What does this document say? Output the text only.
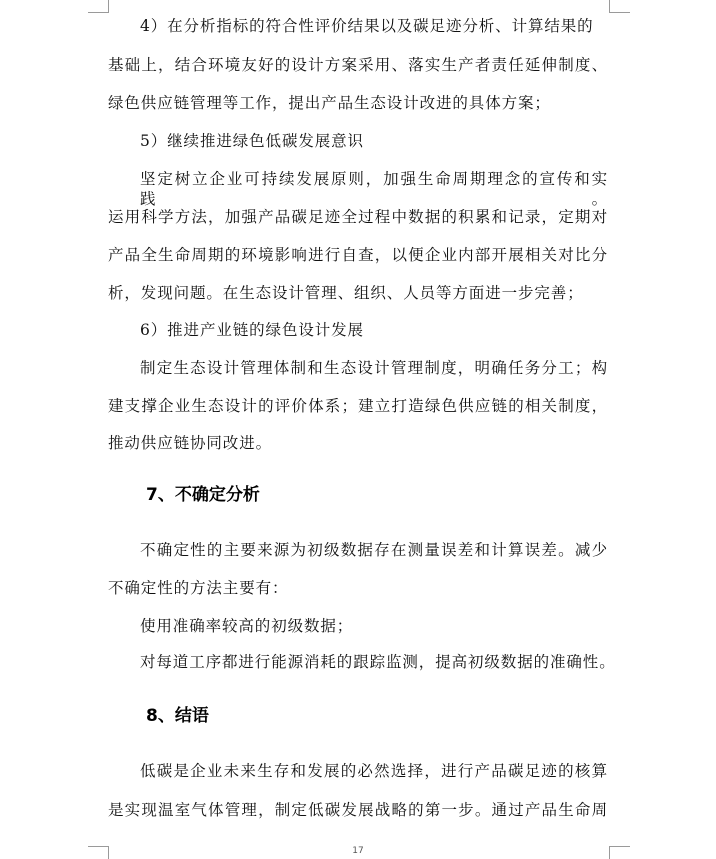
4）在分析指标的符合性评价结果以及碳足迹分析、计算结果的
基础上，结合环境友好的设计方案采用、落实生产者责任延伸制度、
绿色供应链管理等工作，提出产品生态设计改进的具体方案；
5）继续推进绿色低碳发展意识
坚定树立企业可持续发展原则，加强生命周期理念的宣传和实践。
运用科学方法，加强产品碳足迹全过程中数据的积累和记录，定期对
产品全生命周期的环境影响进行自查，以便企业内部开展相关对比分
析，发现问题。在生态设计管理、组织、人员等方面进一步完善；
6）推进产业链的绿色设计发展
制定生态设计管理体制和生态设计管理制度，明确任务分工；构
建支撑企业生态设计的评价体系；建立打造绿色供应链的相关制度，
推动供应链协同改进。
7、不确定分析
不确定性的主要来源为初级数据存在测量误差和计算误差。减少
不确定性的方法主要有：
使用准确率较高的初级数据；
对每道工序都进行能源消耗的跟踪监测，提高初级数据的准确性。
8、结语
低碳是企业未来生存和发展的必然选择，进行产品碳足迹的核算
是实现温室气体管理，制定低碳发展战略的第一步。通过产品生命周
17
